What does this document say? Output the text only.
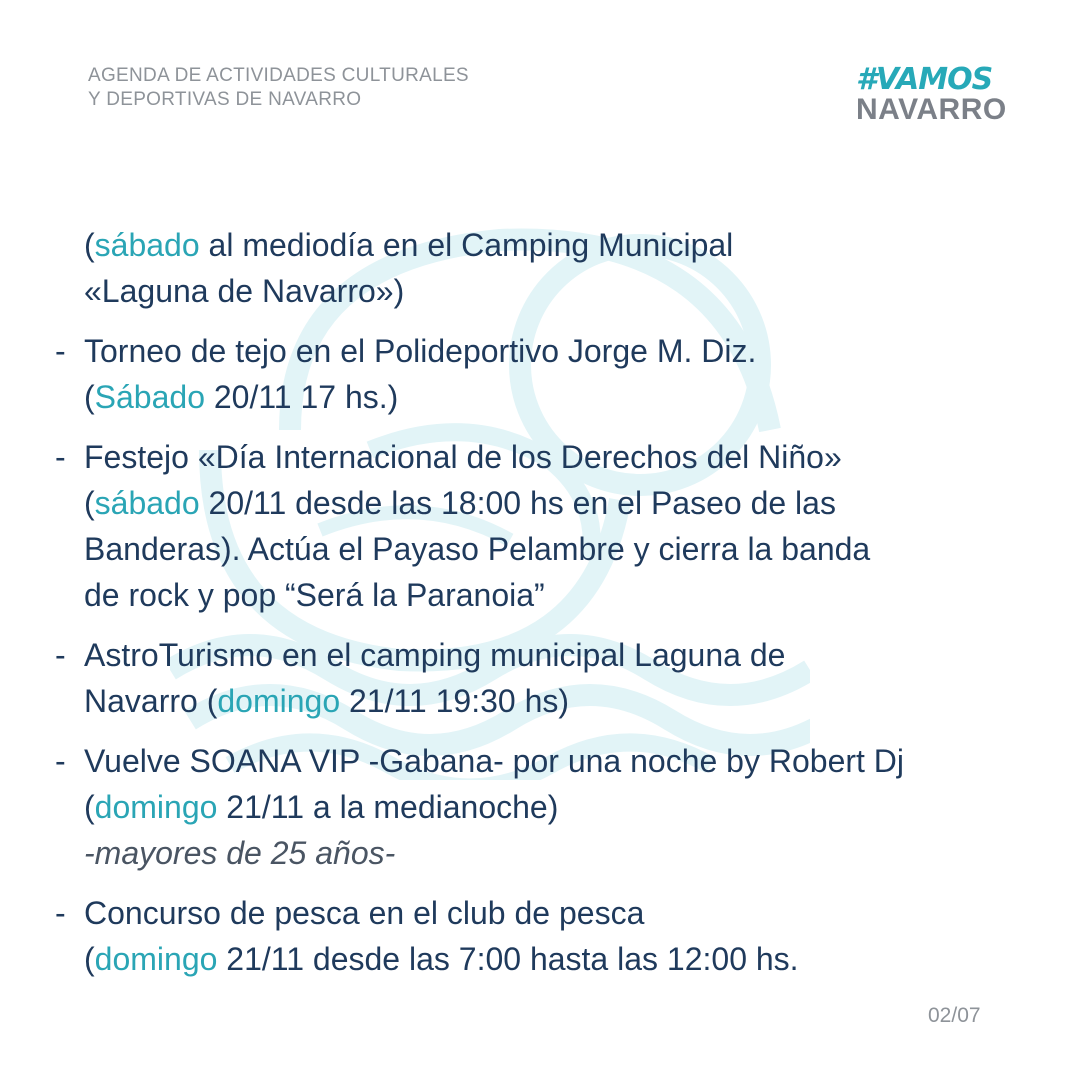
AGENDA DE ACTIVIDADES CULTURALES
Y DEPORTIVAS DE NAVARRO
#VAMOS
NAVARRO
(sábado al mediodía en el Camping Municipal
«Laguna de Navarro»)
- Torneo de tejo en el Polideportivo Jorge M. Diz.
(Sábado 20/11 17 hs.)
- Festejo «Día Internacional de los Derechos del Niño»
(sábado 20/11 desde las 18:00 hs en el Paseo de las
Banderas). Actúa el Payaso Pelambre y cierra la banda
de rock y pop “Será la Paranoia”
- AstroTurismo en el camping municipal Laguna de
Navarro (domingo 21/11 19:30 hs)
- Vuelve SOANA VIP -Gabana- por una noche by Robert Dj
(domingo 21/11 a la medianoche)
-mayores de 25 años-
- Concurso de pesca en el club de pesca
(domingo 21/11 desde las 7:00 hasta las 12:00 hs.
02/07
